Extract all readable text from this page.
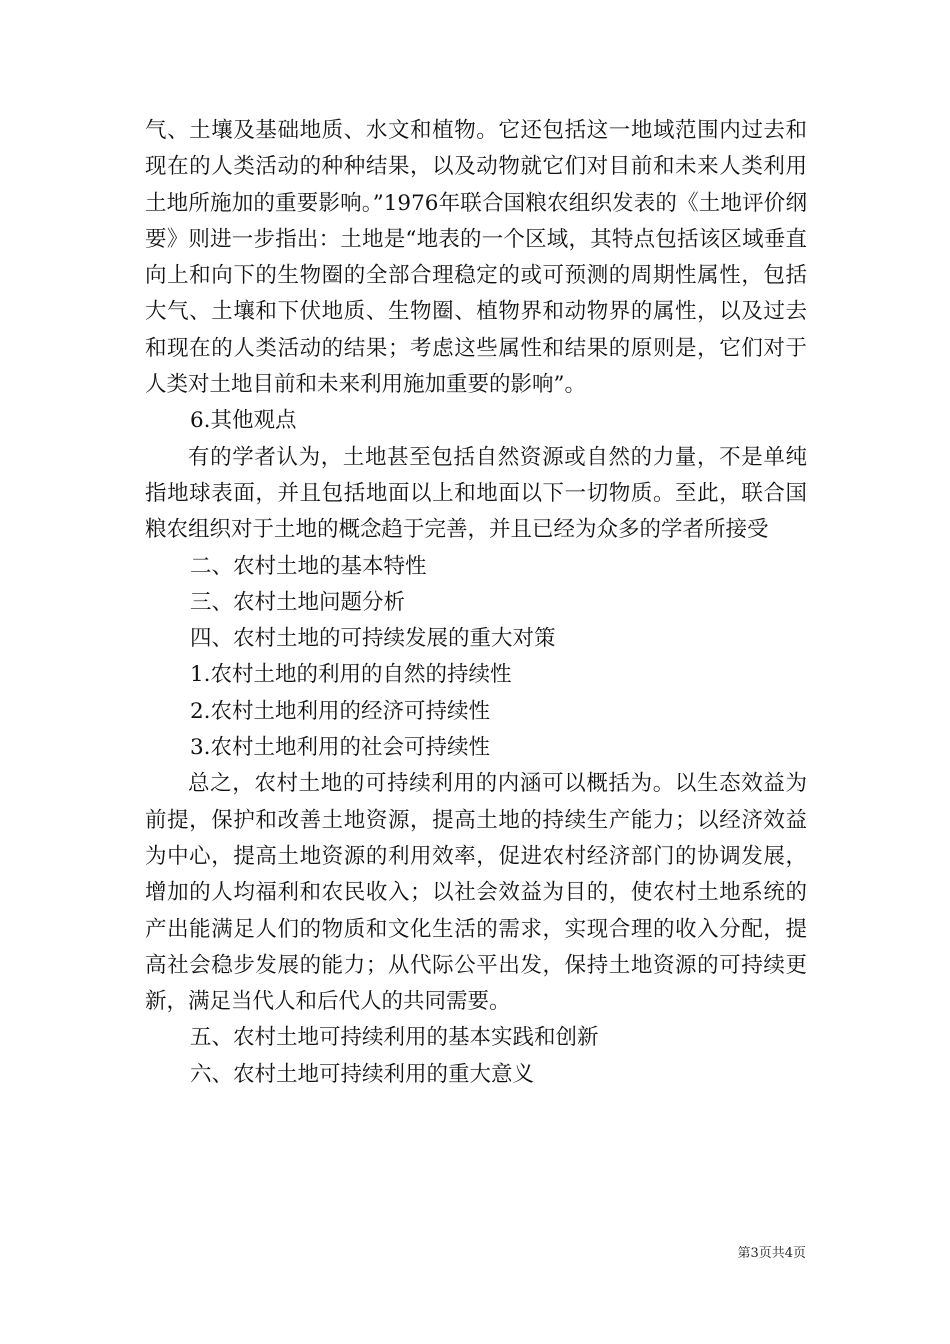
气、土壤及基础地质、水文和植物。它还包括这一地域范围内过去和现在的人类活动的种种结果，以及动物就它们对目前和未来人类利用土地所施加的重要影响。”1976年联合国粮农组织发表的《土地评价纲要》则进一步指出：土地是“地表的一个区域，其特点包括该区域垂直向上和向下的生物圈的全部合理稳定的或可预测的周期性属性，包括大气、土壤和下伏地质、生物圈、植物界和动物界的属性，以及过去和现在的人类活动的结果；考虑这些属性和结果的原则是，它们对于人类对土地目前和未来利用施加重要的影响”。

6.其他观点

有的学者认为，土地甚至包括自然资源或自然的力量，不是单纯指地球表面，并且包括地面以上和地面以下一切物质。至此，联合国粮农组织对于土地的概念趋于完善，并且已经为众多的学者所接受

二、农村土地的基本特性

三、农村土地问题分析

四、农村土地的可持续发展的重大对策

1.农村土地的利用的自然的持续性

2.农村土地利用的经济可持续性

3.农村土地利用的社会可持续性

总之，农村土地的可持续利用的内涵可以概括为。以生态效益为前提，保护和改善土地资源，提高土地的持续生产能力；以经济效益为中心，提高土地资源的利用效率，促进农村经济部门的协调发展，增加的人均福利和农民收入；以社会效益为目的，使农村土地系统的产出能满足人们的物质和文化生活的需求，实现合理的收入分配，提高社会稳步发展的能力；从代际公平出发，保持土地资源的可持续更新，满足当代人和后代人的共同需要。

五、农村土地可持续利用的基本实践和创新

六、农村土地可持续利用的重大意义

第3页共4页
